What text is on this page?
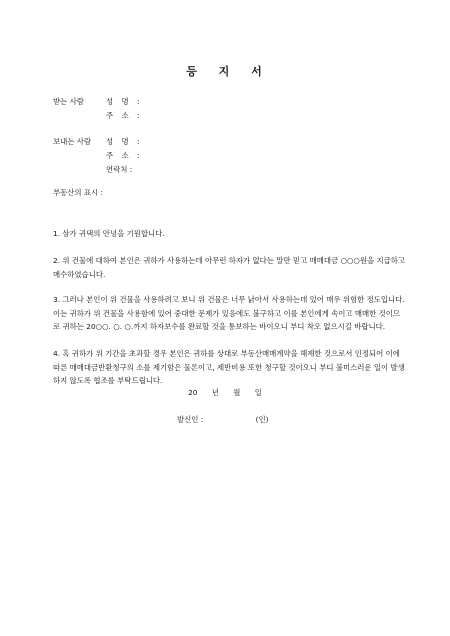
등 지 서
받는 사람	성 명 :
주 소 :
보내는 사람 성 명 :
주 소 :
연락처 :
부동산의 표시 :
1. 삼가 귀댁의 안녕을 기원합니다.
2. 위 건물에 대하여 본인은 귀하가 사용하는데 아무런 하자가 없다는 말만 믿고 매매대금 ○○○원을 지급하고 매수하였습니다.
3. 그러나 본인이 위 건물을 사용하려고 보니 위 건물은 너무 낡아서 사용하는데 있어 매우 위험한 정도입니다. 이는 귀하가 위 건물을 사용함에 있어 중대한 문제가 있음에도 불구하고 이를 본인에게 속이고 매매한 것이므로 귀하는 20○○. ○. ○.까지 하자보수를 완료할 것을 통보하는 바이오니 부디 착오 없으시길 바랍니다.
4. 혹 귀하가 위 기간을 초과할 경우 본인은 귀하를 상대로 부동산매매계약을 해제한 것으로서 인정되어 이에 따른 매매대금반환청구의 소를 제기함은 물론이고, 제반비용 또한 청구할 것이오니 부디 불미스러운 일이 발생하지 않도록 협조를 부탁드립니다.
20 년 월 일
발신인 :	(인)
